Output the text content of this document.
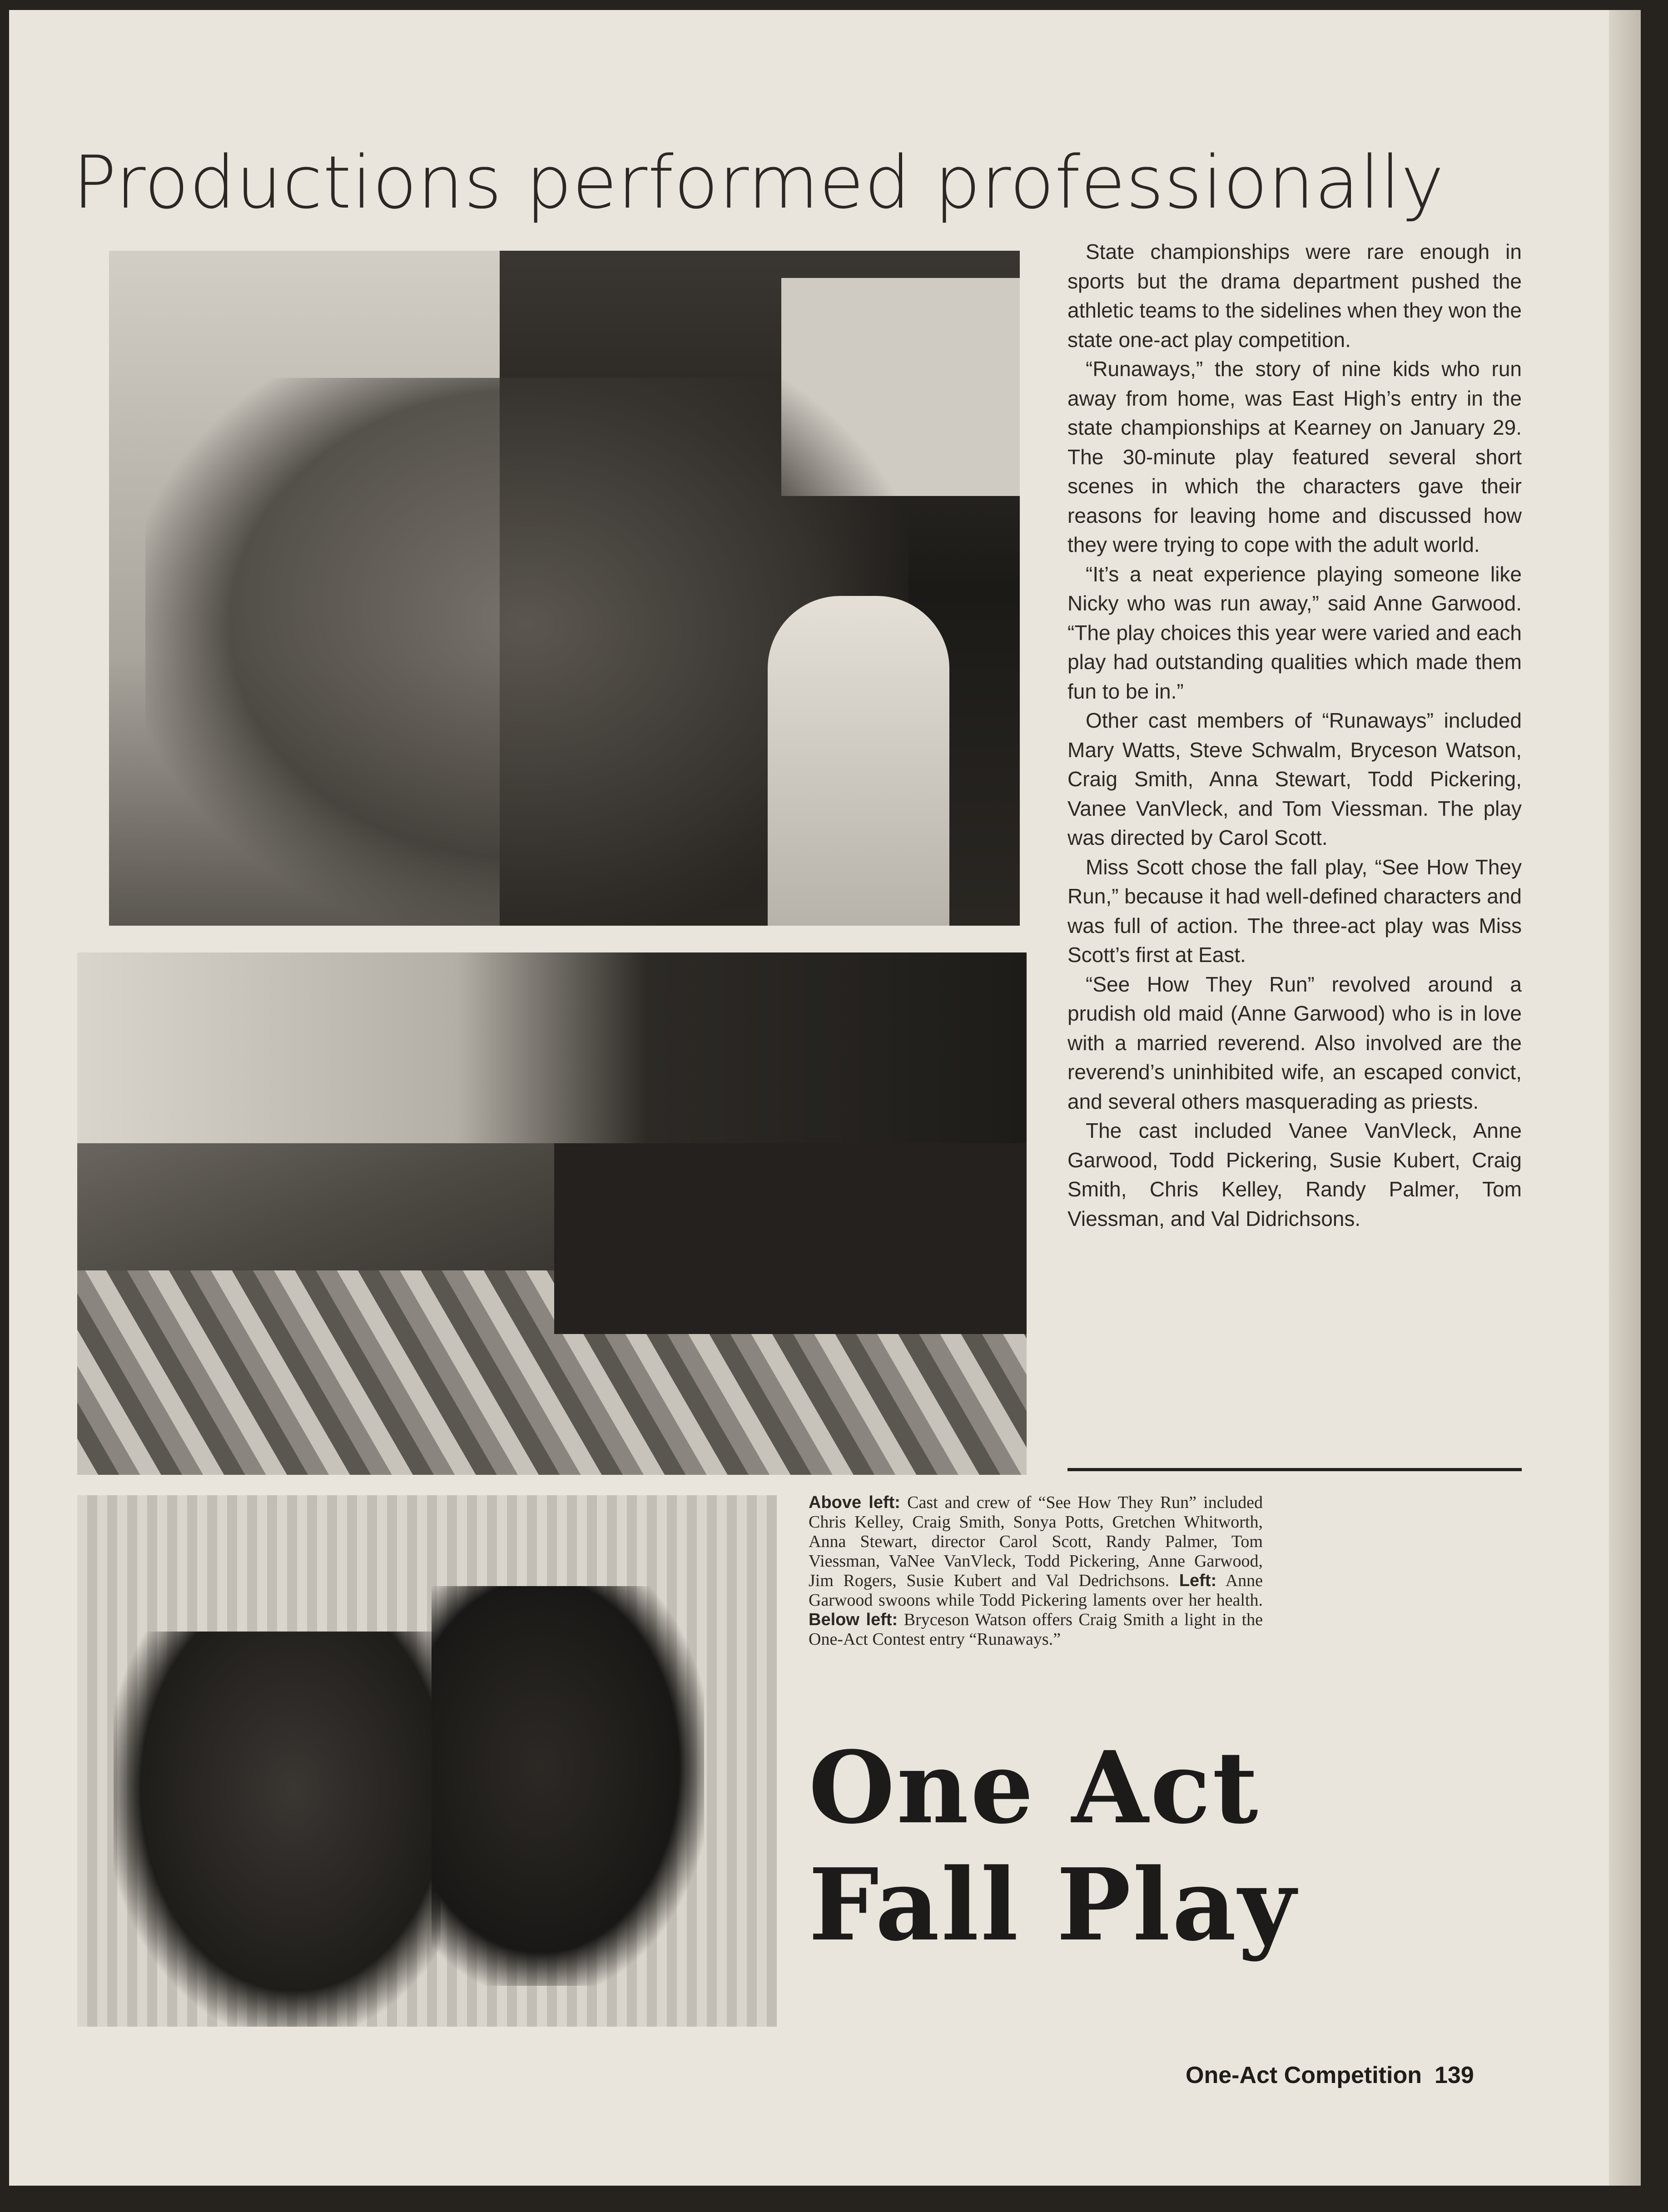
Productions performed professionally

State championships were rare enough in sports but the drama department pushed the athletic teams to the sidelines when they won the state one-act play competition.

“Runaways,” the story of nine kids who run away from home, was East High’s entry in the state championships at Kearney on January 29. The 30-minute play featured several short scenes in which the characters gave their reasons for leaving home and discussed how they were trying to cope with the adult world.

“It’s a neat experience playing someone like Nicky who was run away,” said Anne Garwood. “The play choices this year were varied and each play had outstanding qualities which made them fun to be in.”

Other cast members of “Runaways” included Mary Watts, Steve Schwalm, Bryceson Watson, Craig Smith, Anna Stewart, Todd Pickering, Vanee VanVleck, and Tom Viessman. The play was directed by Carol Scott.

Miss Scott chose the fall play, “See How They Run,” because it had well-defined characters and was full of action. The three-act play was Miss Scott’s first at East.

“See How They Run” revolved around a prudish old maid (Anne Garwood) who is in love with a married reverend. Also involved are the reverend’s uninhibited wife, an escaped convict, and several others masquerading as priests.

The cast included Vanee VanVleck, Anne Garwood, Todd Pickering, Susie Kubert, Craig Smith, Chris Kelley, Randy Palmer, Tom Viessman, and Val Didrichsons.

Above left: Cast and crew of “See How They Run” included Chris Kelley, Craig Smith, Sonya Potts, Gretchen Whitworth, Anna Stewart, director Carol Scott, Randy Palmer, Tom Viessman, VaNee VanVleck, Todd Pickering, Anne Garwood, Jim Rogers, Susie Kubert and Val Dedrichsons. Left: Anne Garwood swoons while Todd Pickering laments over her health. Below left: Bryceson Watson offers Craig Smith a light in the One-Act Contest entry “Runaways.”
One Act
Fall Play
One-Act Competition 139
